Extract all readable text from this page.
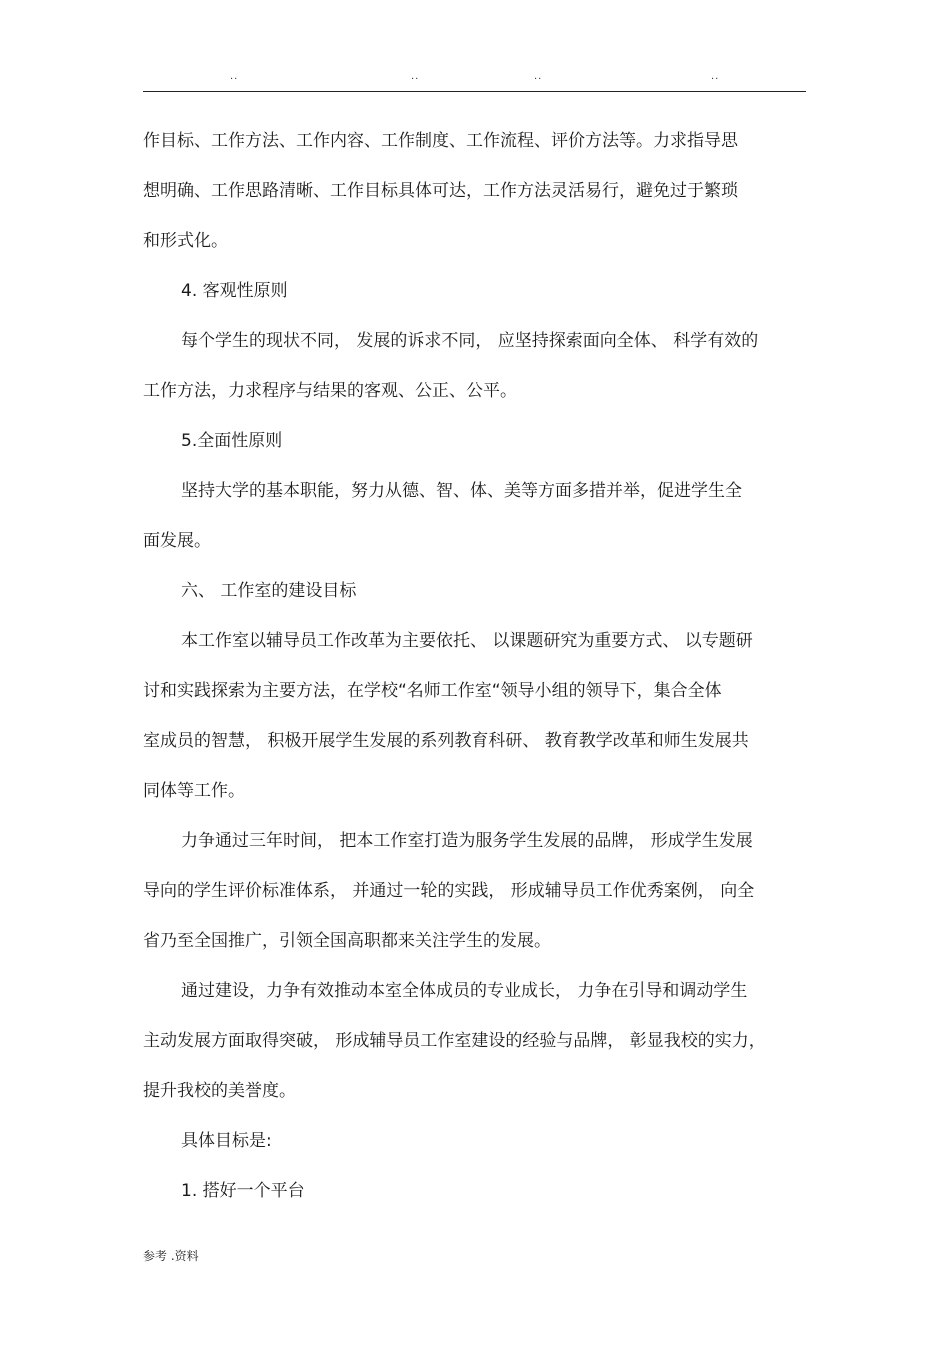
..	..	..	..
作目标、工作方法、工作内容、工作制度、工作流程、评价方法等。力求指导思
想明确、工作思路清晰、工作目标具体可达，工作方法灵活易行，避免过于繁琐
和形式化。
4. 客观性原则
每个学生的现状不同， 发展的诉求不同， 应坚持探索面向全体、 科学有效的
工作方法，力求程序与结果的客观、公正、公平。
5.全面性原则
坚持大学的基本职能，努力从德、智、体、美等方面多措并举，促进学生全
面发展。
六、 工作室的建设目标
本工作室以辅导员工作改革为主要依托、 以课题研究为重要方式、 以专题研
讨和实践探索为主要方法，在学校“名师工作室“领导小组的领导下，集合全体
室成员的智慧， 积极开展学生发展的系列教育科研、 教育教学改革和师生发展共
同体等工作。
力争通过三年时间， 把本工作室打造为服务学生发展的品牌， 形成学生发展
导向的学生评价标准体系， 并通过一轮的实践， 形成辅导员工作优秀案例， 向全
省乃至全国推广，引领全国高职都来关注学生的发展。
通过建设，力争有效推动本室全体成员的专业成长， 力争在引导和调动学生
主动发展方面取得突破， 形成辅导员工作室建设的经验与品牌， 彰显我校的实力，
提升我校的美誉度。
具体目标是:
1. 搭好一个平台
参考 .资料
